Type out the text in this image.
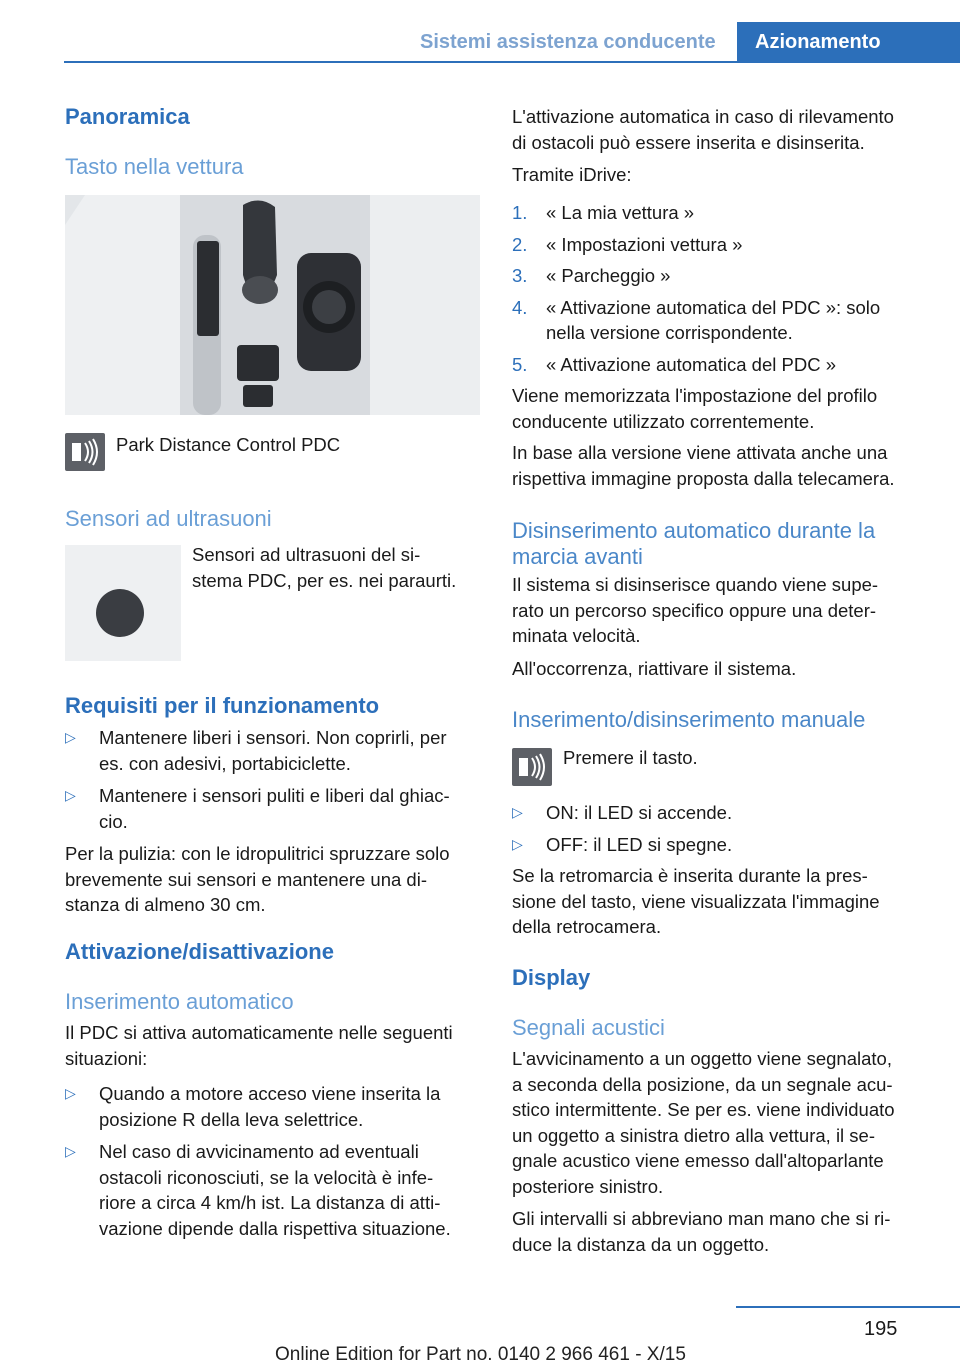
Sistemi assistenza conducente	Azionamento
Panoramica
Tasto nella vettura

Park Distance Control PDC

Sensori ad ultrasuoni

Sensori ad ultrasuoni del si-

stema PDC, per es. nei paraurti.

Requisiti per il funzionamento
▷ Mantenere liberi i sensori. Non coprirli, per
es. con adesivi, portabiciclette.
▷ Mantenere i sensori puliti e liberi dal ghiac-
cio.

Per la pulizia: con le idropulitrici spruzzare solo

brevemente sui sensori e mantenere una di-

stanza di almeno 30 cm.

Attivazione/disattivazione
Inserimento automatico

Il PDC si attiva automaticamente nelle seguenti

situazioni:

▷ Quando a motore acceso viene inserita la
posizione R della leva selettrice.
▷ Nel caso di avvicinamento ad eventuali
ostacoli riconosciuti, se la velocità è infe-
riore a circa 4 km/h ist. La distanza di atti-
vazione dipende dalla rispettiva situazione.

L'attivazione automatica in caso di rilevamento

di ostacoli può essere inserita e disinserita.

Tramite iDrive:

1. « La mia vettura »
2. « Impostazioni vettura »
3. « Parcheggio »
4. « Attivazione automatica del PDC »: solo
nella versione corrispondente.
5. « Attivazione automatica del PDC »

Viene memorizzata l'impostazione del profilo

conducente utilizzato correntemente.

In base alla versione viene attivata anche una

rispettiva immagine proposta dalla telecamera.

Disinserimento automatico durante la
marcia avanti

Il sistema si disinserisce quando viene supe-

rato un percorso specifico oppure una deter-

minata velocità.

All'occorrenza, riattivare il sistema.

Inserimento/disinserimento manuale

Premere il tasto.

▷ ON: il LED si accende.
▷ OFF: il LED si spegne.

Se la retromarcia è inserita durante la pres-

sione del tasto, viene visualizzata l'immagine

della retrocamera.

Display
Segnali acustici

L'avvicinamento a un oggetto viene segnalato,

a seconda della posizione, da un segnale acu-

stico intermittente. Se per es. viene individuato

un oggetto a sinistra dietro alla vettura, il se-

gnale acustico viene emesso dall'altoparlante

posteriore sinistro.

Gli intervalli si abbreviano man mano che si ri-

duce la distanza da un oggetto.

195
Online Edition for Part no. 0140 2 966 461 - X/15
